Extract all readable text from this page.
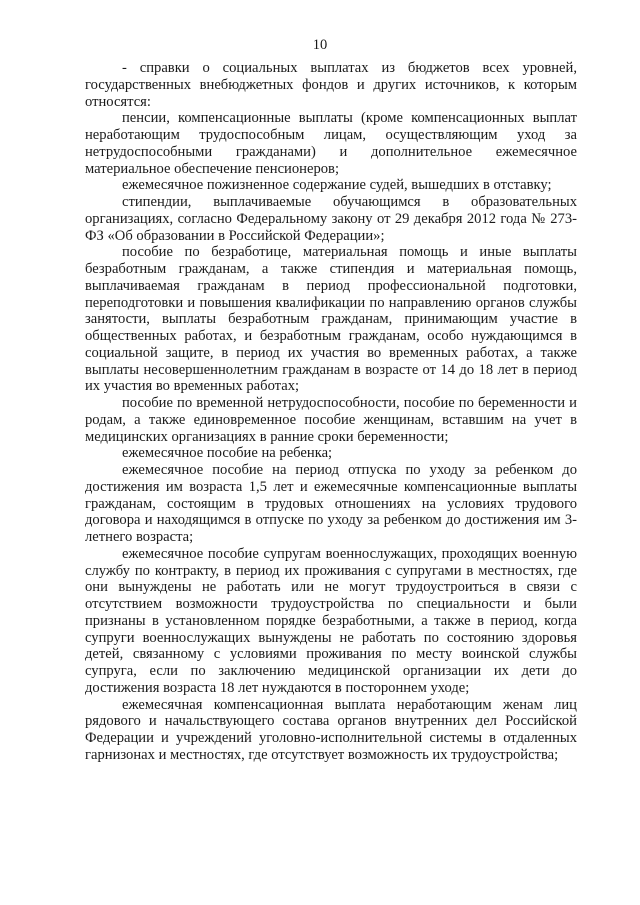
10

- справки о социальных выплатах из бюджетов всех уровней, государственных внебюджетных фондов и других источников, к которым относятся:

пенсии, компенсационные выплаты (кроме компенсационных выплат неработающим трудоспособным лицам, осуществляющим уход за нетрудоспособными гражданами) и дополнительное ежемесячное материальное обеспечение пенсионеров;

ежемесячное пожизненное содержание судей, вышедших в отставку;

стипендии, выплачиваемые обучающимся в образовательных организациях, согласно Федеральному закону от 29 декабря 2012 года № 273-ФЗ «Об образовании в Российской Федерации»;

пособие по безработице, материальная помощь и иные выплаты безработным гражданам, а также стипендия и материальная помощь, выплачиваемая гражданам в период профессиональной подготовки, переподготовки и повышения квалификации по направлению органов службы занятости, выплаты безработным гражданам, принимающим участие в общественных работах, и безработным гражданам, особо нуждающимся в социальной защите, в период их участия во временных работах, а также выплаты несовершеннолетним гражданам в возрасте от 14 до 18 лет в период их участия во временных работах;

пособие по временной нетрудоспособности, пособие по беременности и родам, а также единовременное пособие женщинам, вставшим на учет в медицинских организациях в ранние сроки беременности;

ежемесячное пособие на ребенка;

ежемесячное пособие на период отпуска по уходу за ребенком до достижения им возраста 1,5 лет и ежемесячные компенсационные выплаты гражданам, состоящим в трудовых отношениях на условиях трудового договора и находящимся в отпуске по уходу за ребенком до достижения им 3-летнего возраста;

ежемесячное пособие супругам военнослужащих, проходящих военную службу по контракту, в период их проживания с супругами в местностях, где они вынуждены не работать или не могут трудоустроиться в связи с отсутствием возможности трудоустройства по специальности и были признаны в установленном порядке безработными, а также в период, когда супруги военнослужащих вынуждены не работать по состоянию здоровья детей, связанному с условиями проживания по месту воинской службы супруга, если по заключению медицинской организации их дети до достижения возраста 18 лет нуждаются в постороннем уходе;

ежемесячная компенсационная выплата неработающим женам лиц рядового и начальствующего состава органов внутренних дел Российской Федерации и учреждений уголовно-исполнительной системы в отдаленных гарнизонах и местностях, где отсутствует возможность их трудоустройства;
